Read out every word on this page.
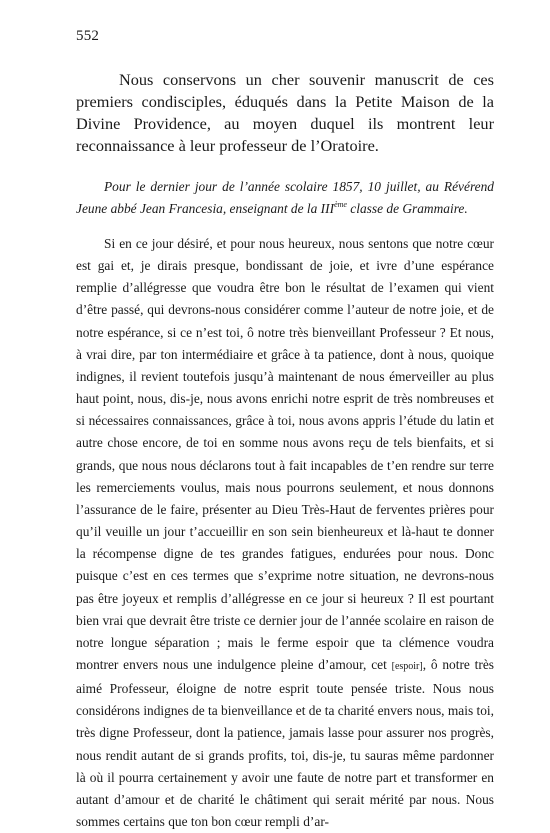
552

Nous conservons un cher souvenir manuscrit de ces premiers condisciples, éduqués dans la Petite Maison de la Divine Providence, au moyen duquel ils montrent leur reconnaissance à leur professeur de l’Oratoire.

Pour le dernier jour de l’année scolaire 1857, 10 juillet, au Révérend Jeune abbé Jean Francesia, enseignant de la IIIème classe de Grammaire.

Si en ce jour désiré, et pour nous heureux, nous sentons que notre cœur est gai et, je dirais presque, bondissant de joie, et ivre d’une espérance remplie d’allégresse que voudra être bon le résultat de l’examen qui vient d’être passé, qui devrons-nous considérer comme l’auteur de notre joie, et de notre espérance, si ce n’est toi, ô notre très bienveillant Professeur ? Et nous, à vrai dire, par ton intermédiaire et grâce à ta patience, dont à nous, quoique indignes, il revient toutefois jusqu’à maintenant de nous émerveiller au plus haut point, nous, dis-je, nous avons enrichi notre esprit de très nombreuses et si nécessaires connaissances, grâce à toi, nous avons appris l’étude du latin et autre chose encore, de toi en somme nous avons reçu de tels bienfaits, et si grands, que nous nous déclarons tout à fait incapables de t’en rendre sur terre les remerciements voulus, mais nous pourrons seulement, et nous donnons l’assurance de le faire, présenter au Dieu Très-Haut de ferventes prières pour qu’il veuille un jour t’accueillir en son sein bienheureux et là-haut te donner la récompense digne de tes grandes fatigues, endurées pour nous. Donc puisque c’est en ces termes que s’exprime notre situation, ne devrons-nous pas être joyeux et remplis d’allégresse en ce jour si heureux ? Il est pourtant bien vrai que devrait être triste ce dernier jour de l’année scolaire en raison de notre longue séparation ; mais le ferme espoir que ta clémence voudra montrer envers nous une indulgence pleine d’amour, cet [espoir], ô notre très aimé Professeur, éloigne de notre esprit toute pensée triste. Nous nous considérons indignes de ta bienveillance et de ta charité envers nous, mais toi, très digne Professeur, dont la patience, jamais lasse pour assurer nos progrès, nous rendit autant de si grands profits, toi, dis-je, tu sauras même pardonner là où il pourra certainement y avoir une faute de notre part et transformer en autant d’amour et de charité le châtiment qui serait mérité par nous. Nous sommes certains que ton bon cœur rempli d’ar-
